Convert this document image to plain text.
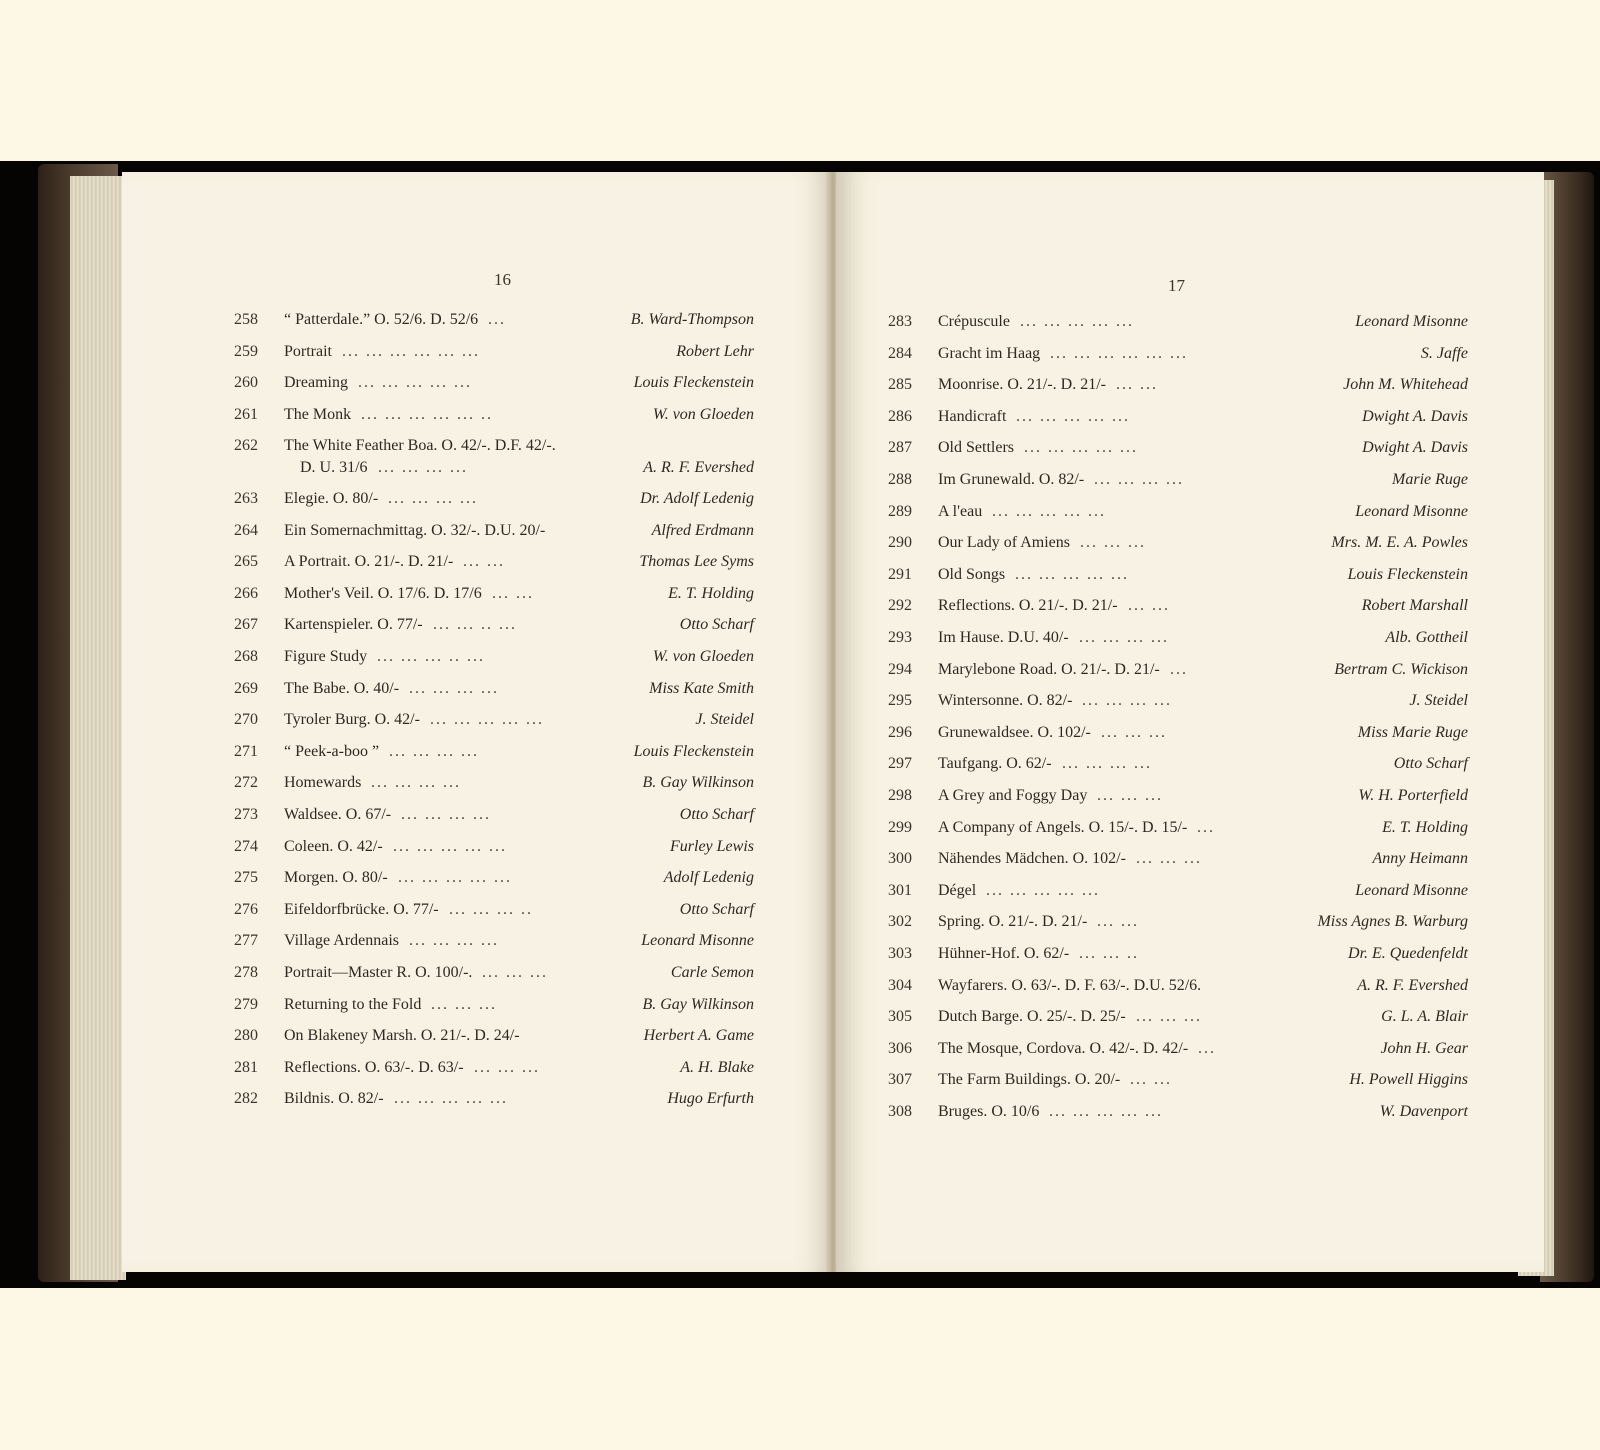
16
258	“ Patterdale.” O. 52/6. D. 52/6 ...	B. Ward-Thompson
259	Portrait ... ... ... ... ... ...	Robert Lehr
260	Dreaming ... ... ... ... ...	Louis Fleckenstein
261	The Monk ... ... ... ... ... ..	W. von Gloeden
262	The White Feather Boa. O. 42/-. D.F. 42/-.
D. U. 31/6 ... ... ... ...	A. R. F. Evershed
263	Elegie. O. 80/- ... ... ... ...	Dr. Adolf Ledenig
264	Ein Somernachmittag. O. 32/-. D.U. 20/-	Alfred Erdmann
265	A Portrait. O. 21/-. D. 21/- ... ...	Thomas Lee Syms
266	Mother's Veil. O. 17/6. D. 17/6 ... ...	E. T. Holding
267	Kartenspieler. O. 77/- ... ... .. ...	Otto Scharf
268	Figure Study ... ... ... .. ...	W. von Gloeden
269	The Babe. O. 40/- ... ... ... ...	Miss Kate Smith
270	Tyroler Burg. O. 42/- ... ... ... ... ...	J. Steidel
271	“ Peek-a-boo ” ... ... ... ...	Louis Fleckenstein
272	Homewards ... ... ... ...	B. Gay Wilkinson
273	Waldsee. O. 67/- ... ... ... ...	Otto Scharf
274	Coleen. O. 42/- ... ... ... ... ...	Furley Lewis
275	Morgen. O. 80/- ... ... ... ... ...	Adolf Ledenig
276	Eifeldorfbrücke. O. 77/- ... ... ... ..	Otto Scharf
277	Village Ardennais ... ... ... ...	Leonard Misonne
278	Portrait—Master R. O. 100/-. ... ... ...	Carle Semon
279	Returning to the Fold ... ... ...	B. Gay Wilkinson
280	On Blakeney Marsh. O. 21/-. D. 24/-	Herbert A. Game
281	Reflections. O. 63/-. D. 63/- ... ... ...	A. H. Blake
282	Bildnis. O. 82/- ... ... ... ... ...	Hugo Erfurth
17
283	Crépuscule ... ... ... ... ...	Leonard Misonne
284	Gracht im Haag ... ... ... ... ... ...	S. Jaffe
285	Moonrise. O. 21/-. D. 21/- ... ...	John M. Whitehead
286	Handicraft ... ... ... ... ...	Dwight A. Davis
287	Old Settlers ... ... ... ... ...	Dwight A. Davis
288	Im Grunewald. O. 82/- ... ... ... ...	Marie Ruge
289	A l'eau ... ... ... ... ...	Leonard Misonne
290	Our Lady of Amiens ... ... ...	Mrs. M. E. A. Powles
291	Old Songs ... ... ... ... ...	Louis Fleckenstein
292	Reflections. O. 21/-. D. 21/- ... ...	Robert Marshall
293	Im Hause. D.U. 40/- ... ... ... ...	Alb. Gottheil
294	Marylebone Road. O. 21/-. D. 21/- ...	Bertram C. Wickison
295	Wintersonne. O. 82/- ... ... ... ...	J. Steidel
296	Grunewaldsee. O. 102/- ... ... ...	Miss Marie Ruge
297	Taufgang. O. 62/- ... ... ... ...	Otto Scharf
298	A Grey and Foggy Day ... ... ...	W. H. Porterfield
299	A Company of Angels. O. 15/-. D. 15/- ...	E. T. Holding
300	Nähendes Mädchen. O. 102/- ... ... ...	Anny Heimann
301	Dégel ... ... ... ... ...	Leonard Misonne
302	Spring. O. 21/-. D. 21/- ... ...	Miss Agnes B. Warburg
303	Hühner-Hof. O. 62/- ... ... ..	Dr. E. Quedenfeldt
304	Wayfarers. O. 63/-. D. F. 63/-. D.U. 52/6.	A. R. F. Evershed
305	Dutch Barge. O. 25/-. D. 25/- ... ... ...	G. L. A. Blair
306	The Mosque, Cordova. O. 42/-. D. 42/- ...	John H. Gear
307	The Farm Buildings. O. 20/- ... ...	H. Powell Higgins
308	Bruges. O. 10/6 ... ... ... ... ...	W. Davenport
